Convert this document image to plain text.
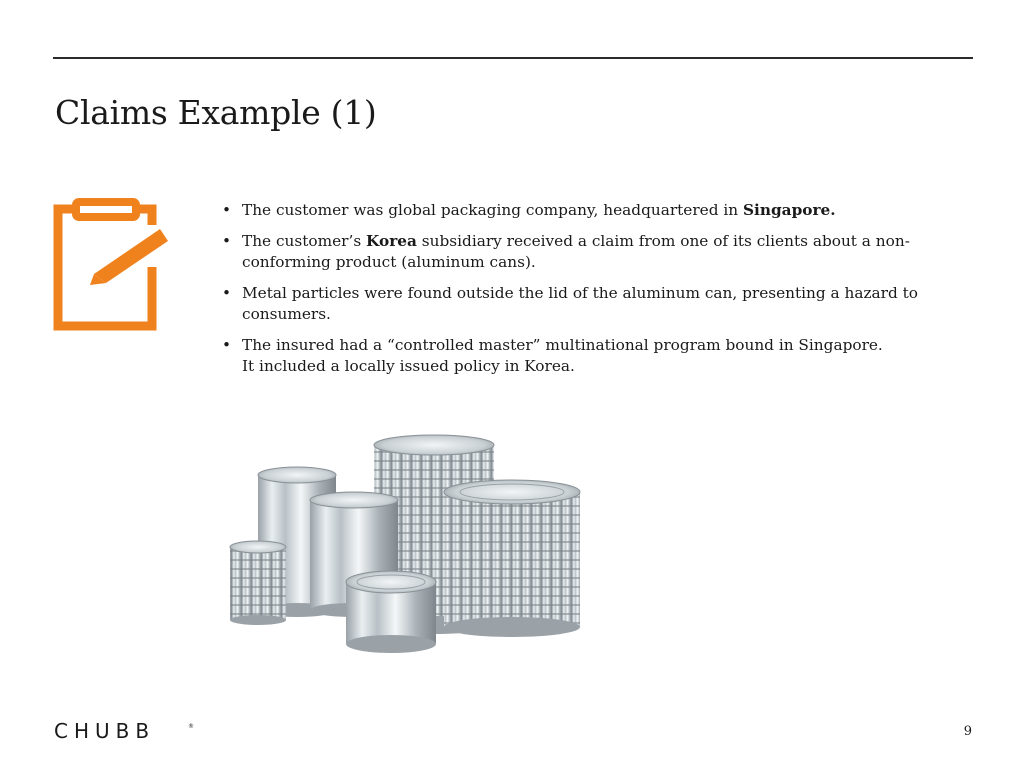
Claims Example (1)
• The customer was global packaging company, headquartered in Singapore.
• The customer’s Korea subsidiary received a claim from one of its clients about a non-conforming product (aluminum cans).
• Metal particles were found outside the lid of the aluminum can, presenting a hazard to consumers.
• The insured had a “controlled master” multinational program bound in Singapore.
It included a locally issued policy in Korea.
CHUBB	®	9
